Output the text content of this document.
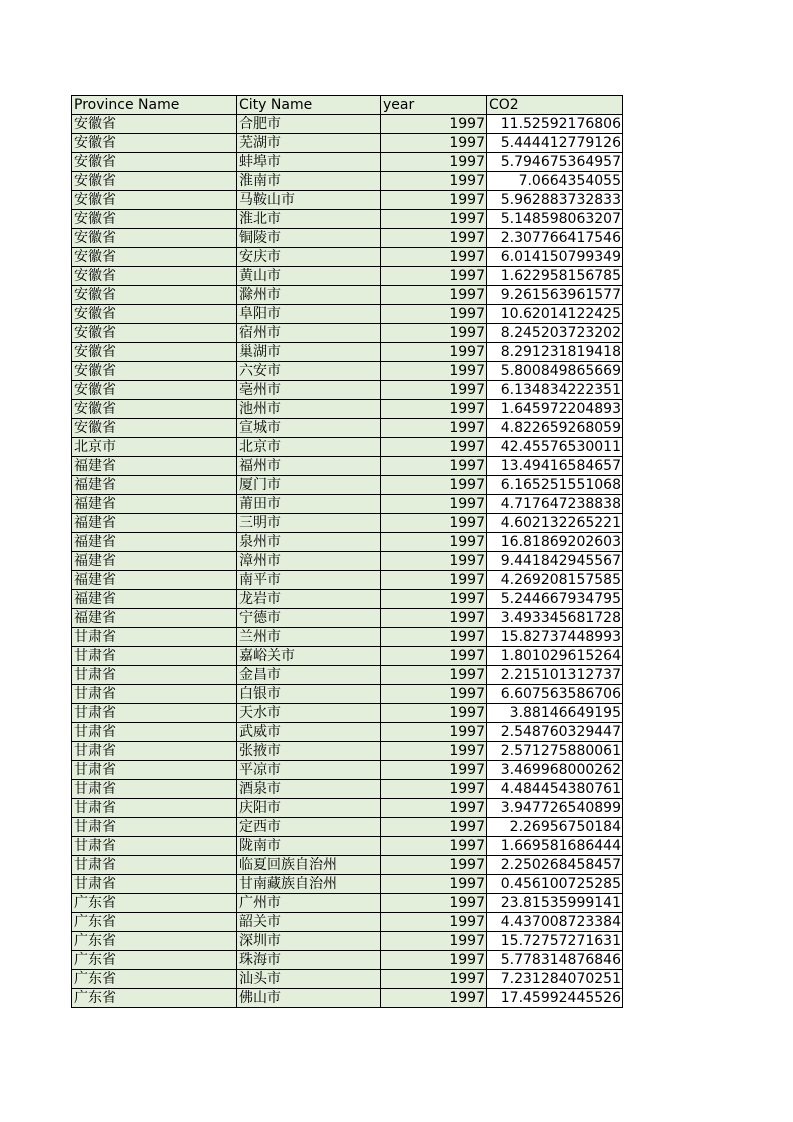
Province Name	City Name	year	CO2
安徽省	合肥市	1997	11.52592176806
安徽省	芜湖市	1997	5.444412779126
安徽省	蚌埠市	1997	5.794675364957
安徽省	淮南市	1997	7.0664354055
安徽省	马鞍山市	1997	5.962883732833
安徽省	淮北市	1997	5.148598063207
安徽省	铜陵市	1997	2.307766417546
安徽省	安庆市	1997	6.014150799349
安徽省	黄山市	1997	1.622958156785
安徽省	滁州市	1997	9.261563961577
安徽省	阜阳市	1997	10.62014122425
安徽省	宿州市	1997	8.245203723202
安徽省	巢湖市	1997	8.291231819418
安徽省	六安市	1997	5.800849865669
安徽省	亳州市	1997	6.134834222351
安徽省	池州市	1997	1.645972204893
安徽省	宣城市	1997	4.822659268059
北京市	北京市	1997	42.45576530011
福建省	福州市	1997	13.49416584657
福建省	厦门市	1997	6.165251551068
福建省	莆田市	1997	4.717647238838
福建省	三明市	1997	4.602132265221
福建省	泉州市	1997	16.81869202603
福建省	漳州市	1997	9.441842945567
福建省	南平市	1997	4.269208157585
福建省	龙岩市	1997	5.244667934795
福建省	宁德市	1997	3.493345681728
甘肃省	兰州市	1997	15.82737448993
甘肃省	嘉峪关市	1997	1.801029615264
甘肃省	金昌市	1997	2.215101312737
甘肃省	白银市	1997	6.607563586706
甘肃省	天水市	1997	3.88146649195
甘肃省	武威市	1997	2.548760329447
甘肃省	张掖市	1997	2.571275880061
甘肃省	平凉市	1997	3.469968000262
甘肃省	酒泉市	1997	4.484454380761
甘肃省	庆阳市	1997	3.947726540899
甘肃省	定西市	1997	2.26956750184
甘肃省	陇南市	1997	1.669581686444
甘肃省	临夏回族自治州	1997	2.250268458457
甘肃省	甘南藏族自治州	1997	0.456100725285
广东省	广州市	1997	23.81535999141
广东省	韶关市	1997	4.437008723384
广东省	深圳市	1997	15.72757271631
广东省	珠海市	1997	5.778314876846
广东省	汕头市	1997	7.231284070251
广东省	佛山市	1997	17.45992445526
